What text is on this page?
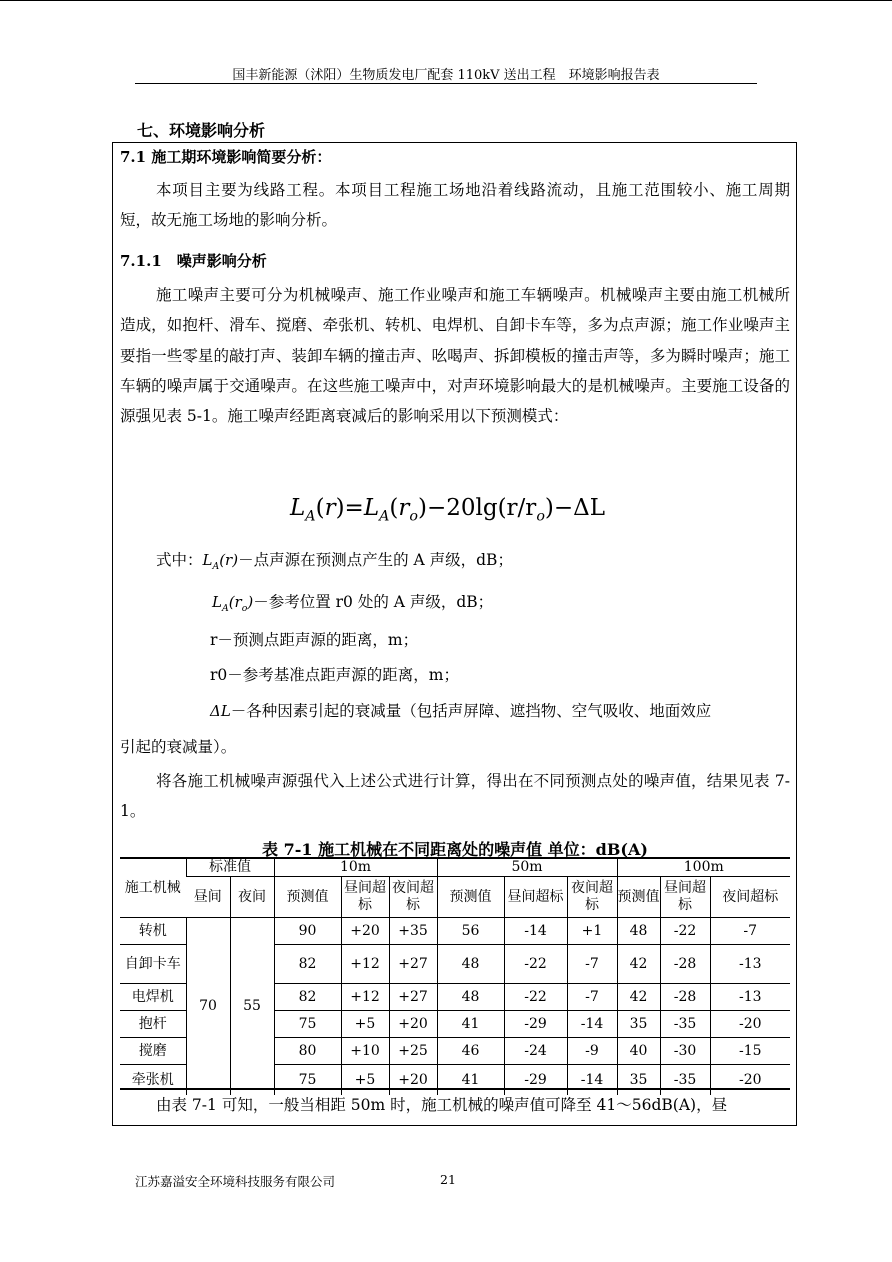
国丰新能源（沭阳）生物质发电厂配套 110kV 送出工程　环境影响报告表
七、环境影响分析
7.1 施工期环境影响简要分析：
本项目主要为线路工程。本项目工程施工场地沿着线路流动，且施工范围较小、施工周期短，故无施工场地的影响分析。
7.1.1　噪声影响分析
施工噪声主要可分为机械噪声、施工作业噪声和施工车辆噪声。机械噪声主要由施工机械所造成，如抱杆、滑车、搅磨、牵张机、转机、电焊机、自卸卡车等，多为点声源；施工作业噪声主要指一些零星的敲打声、装卸车辆的撞击声、吆喝声、拆卸模板的撞击声等，多为瞬时噪声；施工车辆的噪声属于交通噪声。在这些施工噪声中，对声环境影响最大的是机械噪声。主要施工设备的源强见表 5-1。施工噪声经距离衰减后的影响采用以下预测模式：
$L_A(r)=L_A(r_o)-20\lg(r/r_o)-\Delta L$
式中：$L_A(r)-$点声源在预测点产生的 A 声级，dB；
$L_A(r_o)-$参考位置 r0 处的 A 声级，dB；
r－预测点距声源的距离，m；
r0－参考基准点距声源的距离，m；
ΔL－各种因素引起的衰减量（包括声屏障、遮挡物、空气吸收、地面效应
引起的衰减量）。
将各施工机械噪声源强代入上述公式进行计算，得出在不同预测点处的噪声值，结果见表 7-1。
表 7-1 施工机械在不同距离处的噪声值 单位：dB(A)
施工机械	标准值		10m			50m			100m		
	昼间	夜间	预测值	昼间超标	夜间超标	预测值	昼间超标	夜间超标	预测值	昼间超标	夜间超标
转机	70	55	90	+20	+35	56	-14	+1	48	-22	-7
自卸卡车			82	+12	+27	48	-22	-7	42	-28	-13
电焊机			82	+12	+27	48	-22	-7	42	-28	-13
抱杆			75	+5	+20	41	-29	-14	35	-35	-20
搅磨			80	+10	+25	46	-24	-9	40	-30	-15
牵张机			75	+5	+20	41	-29	-14	35	-35	-20
由表 7-1 可知，一般当相距 50m 时，施工机械的噪声值可降至 41～56dB(A)，昼
江苏嘉溢安全环境科技服务有限公司	21
